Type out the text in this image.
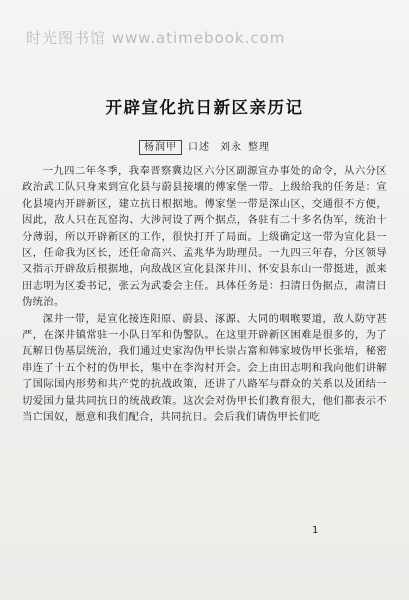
时光图书馆 www.atimebook.com
开辟宣化抗日新区亲历记
杨润甲 口述 刘永 整理

一九四二年冬季，我奉晋察冀边区六分区副源宣办事处的命令，从六分区政治武工队只身来到宣化县与蔚县接壤的傅家堡一带。上级给我的任务是：宣化县境内开辟新区，建立抗日根据地。傅家堡一带是深山区，交通很不方便，因此，敌人只在瓦窑沟、大涉河设了两个据点，各驻有二十多名伪军，统治十分薄弱，所以开辟新区的工作，很快打开了局面。上级确定这一带为宣化县一区，任命我为区长，还任命高兴、孟兆华为助理员。一九四三年春，分区领导又指示开辟敌后根据地，向敌战区宣化县深井川、怀安县东山一带挺进，派来田志明为区委书记，张云为武委会主任。具体任务是：扫清日伪据点，肃清日伪统治。

深井一带，是宣化接连阳原、蔚县、涿源、大同的咽喉要道，敌人防守甚严，在深井镇常驻一小队日军和伪警队。在这里开辟新区困难是很多的，为了瓦解日伪基层统治，我们通过史家沟伪甲长崇占富和韩家坡伪甲长张培，秘密串连了十五个村的伪甲长，集中在李沟村开会。会上由田志明和我向他们讲解了国际国内形势和共产党的抗战政策，还讲了八路军与群众的关系以及团结一切爱国力量共同抗日的统战政策。这次会对伪甲长们教育很大，他们都表示不当亡国奴，愿意和我们配合，共同抗日。会后我们请伪甲长们吃

1
